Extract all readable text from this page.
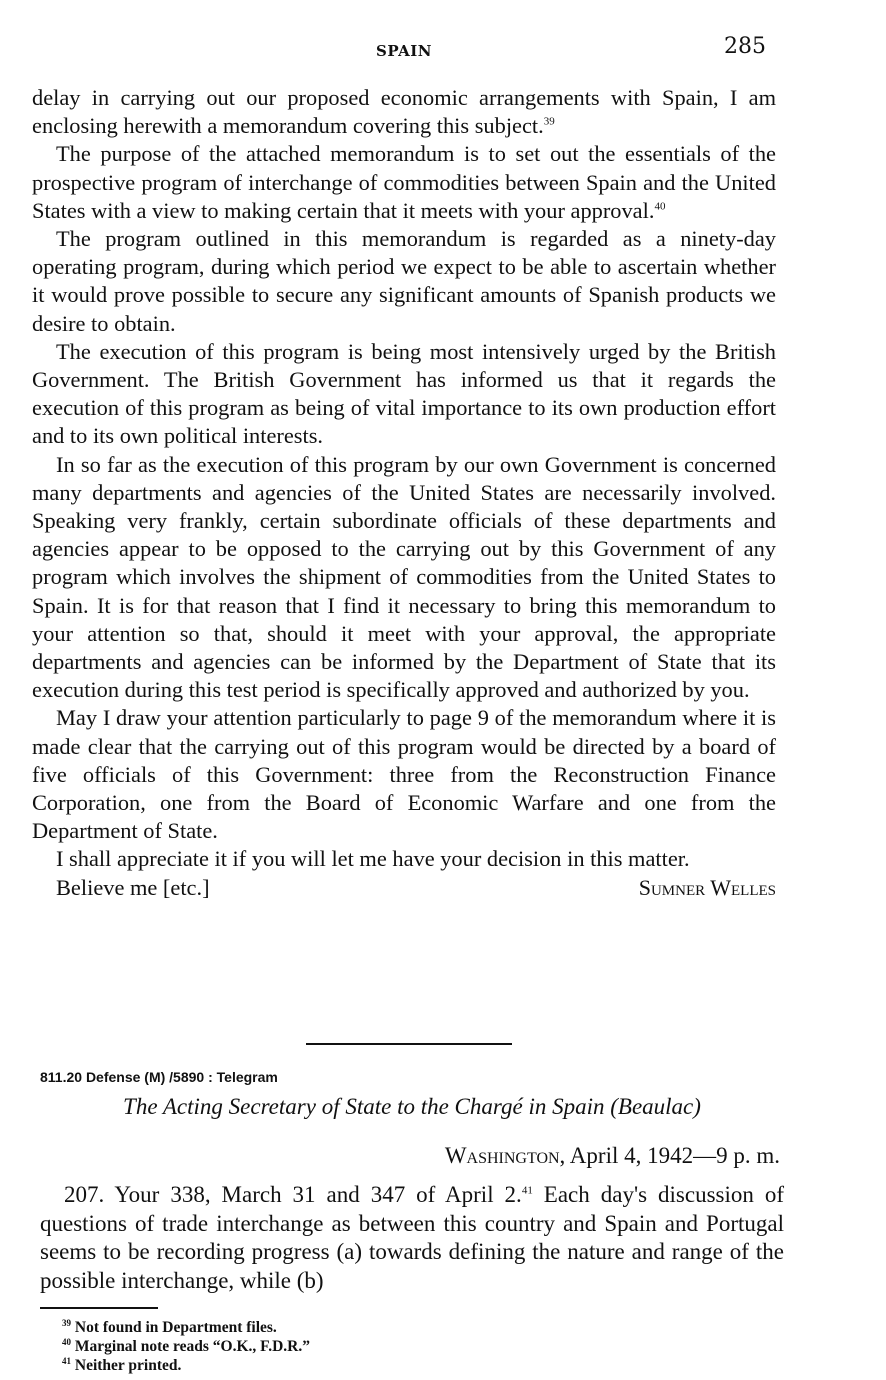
SPAIN	285

delay in carrying out our proposed economic arrangements with Spain, I am enclosing herewith a memorandum covering this subject.$^{39}$

The purpose of the attached memorandum is to set out the essentials of the prospective program of interchange of commodities between Spain and the United States with a view to making certain that it meets with your approval.$^{40}$

The program outlined in this memorandum is regarded as a ninety-day operating program, during which period we expect to be able to ascertain whether it would prove possible to secure any significant amounts of Spanish products we desire to obtain.

The execution of this program is being most intensively urged by the British Government. The British Government has informed us that it regards the execution of this program as being of vital importance to its own production effort and to its own political interests.

In so far as the execution of this program by our own Government is concerned many departments and agencies of the United States are necessarily involved. Speaking very frankly, certain subordinate officials of these departments and agencies appear to be opposed to the carrying out by this Government of any program which involves the shipment of commodities from the United States to Spain. It is for that reason that I find it necessary to bring this memorandum to your attention so that, should it meet with your approval, the appropriate departments and agencies can be informed by the Department of State that its execution during this test period is specifically approved and authorized by you.

May I draw your attention particularly to page 9 of the memorandum where it is made clear that the carrying out of this program would be directed by a board of five officials of this Government: three from the Reconstruction Finance Corporation, one from the Board of Economic Warfare and one from the Department of State.

I shall appreciate it if you will let me have your decision in this matter.

Believe me [etc.]	Sumner Welles

811.20 Defense (M) /5890 : Telegram
The Acting Secretary of State to the Chargé in Spain (Beaulac)
Washington, April 4, 1942—9 p. m.

207. Your 338, March 31 and 347 of April 2.41 Each day's discussion of questions of trade interchange as between this country and Spain and Portugal seems to be recording progress (a) towards defining the nature and range of the possible interchange, while (b)

$^{39}$ Not found in Department files.
$^{40}$ Marginal note reads “O.K., F.D.R.”
$^{41}$ Neither printed.
